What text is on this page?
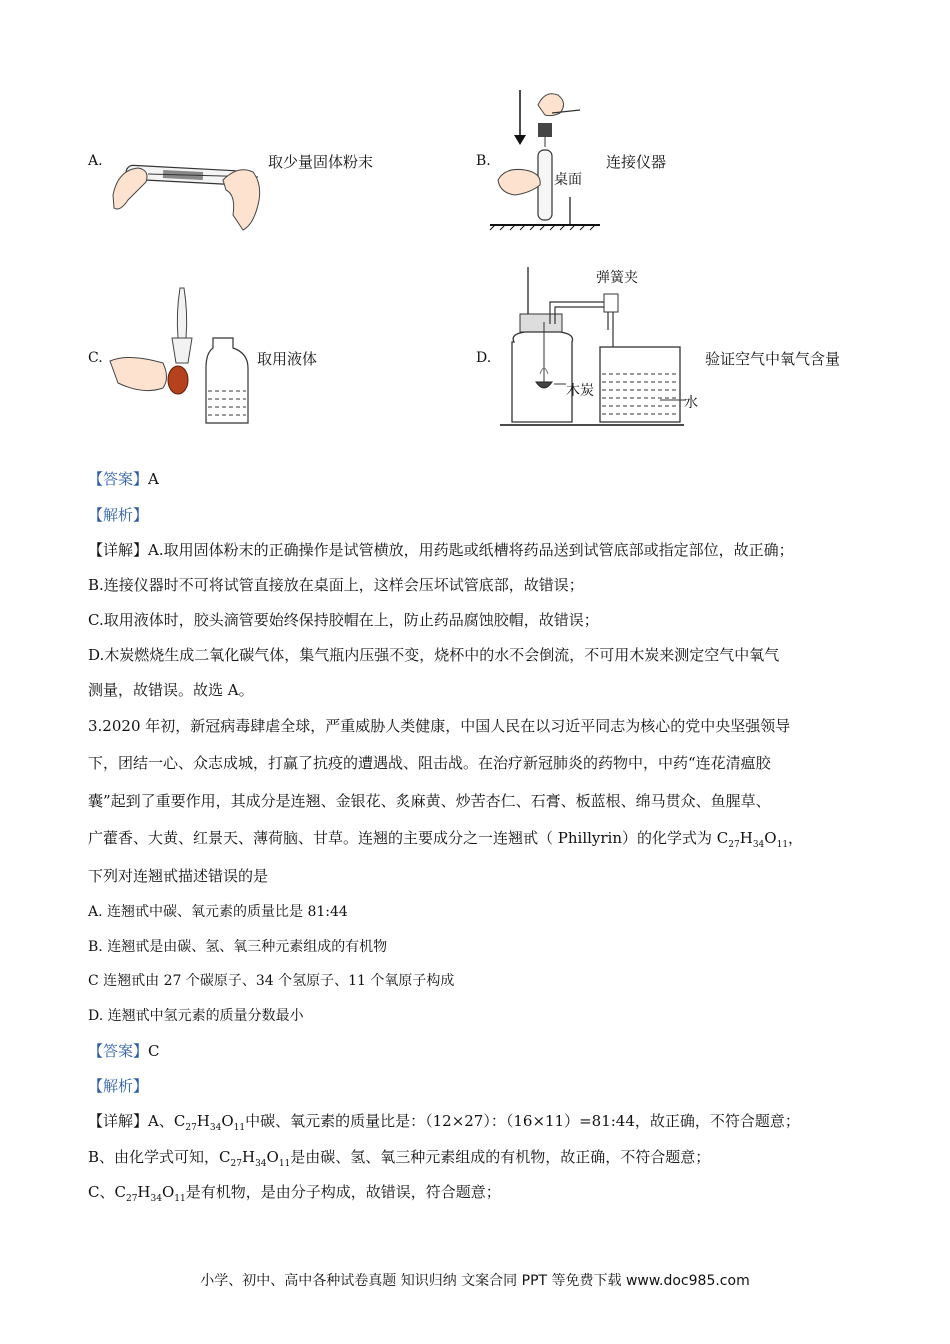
A.	取少量固体粉末	B.
桌面
连接仪器
C.	取用液体	D.
弹簧夹
木炭
水
验证空气中氧气含量
【答案】A
【解析】
【详解】A.取用固体粉末的正确操作是试管横放，用药匙或纸槽将药品送到试管底部或指定部位，故正确；
B.连接仪器时不可将试管直接放在桌面上，这样会压坏试管底部，故错误；
C.取用液体时，胶头滴管要始终保持胶帽在上，防止药品腐蚀胶帽，故错误；
D.木炭燃烧生成二氧化碳气体，集气瓶内压强不变，烧杯中的水不会倒流，不可用木炭来测定空气中氧气
测量，故错误。故选 A。
3.2020 年初，新冠病毒肆虐全球，严重威胁人类健康，中国人民在以习近平同志为核心的党中央坚强领导
下，团结一心、众志成城，打赢了抗疫的遭遇战、阻击战。在治疗新冠肺炎的药物中，中药“连花清瘟胶
囊”起到了重要作用，其成分是连翘、金银花、炙麻黄、炒苦杏仁、石膏、板蓝根、绵马贯众、鱼腥草、
广藿香、大黄、红景天、薄荷脑、甘草。连翘的主要成分之一连翘甙（ Phillyrin）的化学式为 $C_{27}H_{34}O_{11}$，
下列对连翘甙描述错误的是
A. 连翘甙中碳、氧元素的质量比是 81:44
B. 连翘甙是由碳、氢、氧三种元素组成的有机物
C 连翘甙由 27 个碳原子、34 个氢原子、11 个氧原子构成
D. 连翘甙中氢元素的质量分数最小
【答案】C
【解析】
【详解】A、$C_{27}H_{34}O_{11}$中碳、氧元素的质量比是：（12×27）：（16×11）=81:44，故正确，不符合题意；
B、由化学式可知，$C_{27}H_{34}O_{11}$是由碳、氢、氧三种元素组成的有机物，故正确，不符合题意；
C、$C_{27}H_{34}O_{11}$是有机物，是由分子构成，故错误，符合题意；
小学、初中、高中各种试卷真题 知识归纳 文案合同 PPT 等免费下载 www.doc985.com
